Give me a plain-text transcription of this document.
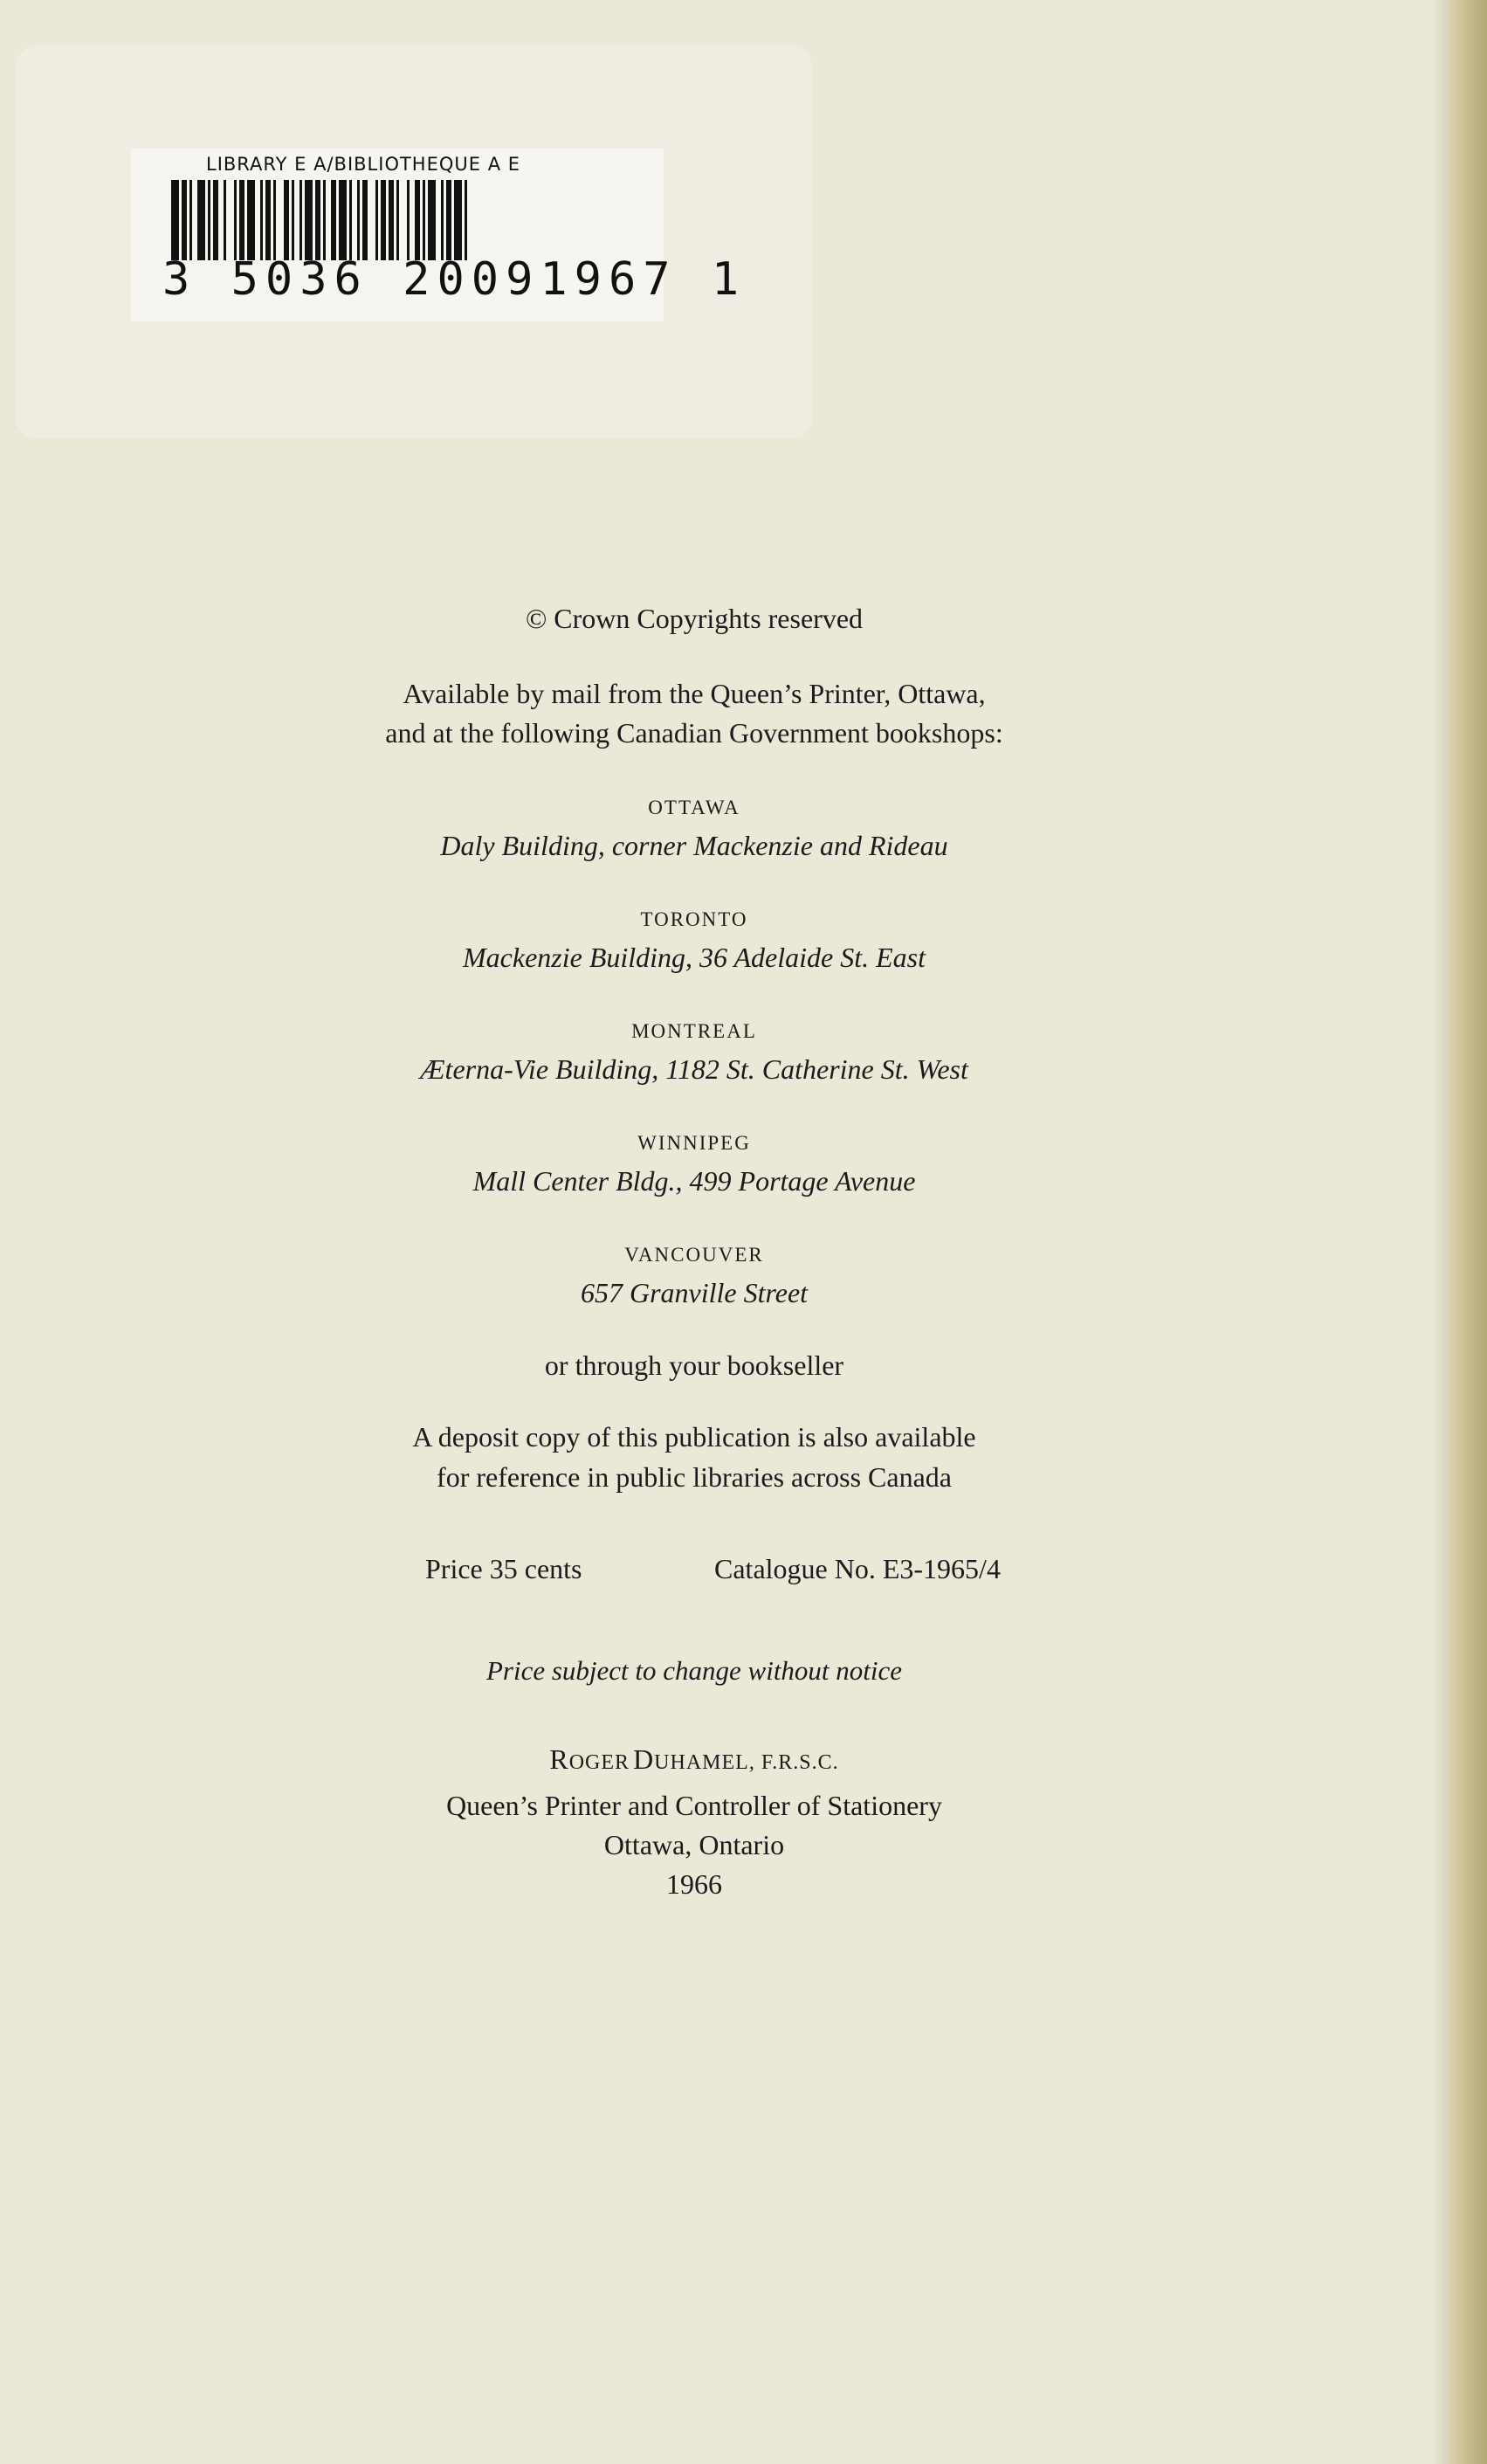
LIBRARY E A/BIBLIOTHEQUE A E
3 5036 20091967 1
© Crown Copyrights reserved
Available by mail from the Queen’s Printer, Ottawa,
and at the following Canadian Government bookshops:
OTTAWA
Daly Building, corner Mackenzie and Rideau
TORONTO
Mackenzie Building, 36 Adelaide St. East
MONTREAL
Æterna-Vie Building, 1182 St. Catherine St. West
WINNIPEG
Mall Center Bldg., 499 Portage Avenue
VANCOUVER
657 Granville Street
or through your bookseller
A deposit copy of this publication is also available
for reference in public libraries across Canada
Price 35 cents	Catalogue No. E3-1965/4
Price subject to change without notice
ROGER DUHAMEL, F.R.S.C.
Queen’s Printer and Controller of Stationery
Ottawa, Ontario
1966
